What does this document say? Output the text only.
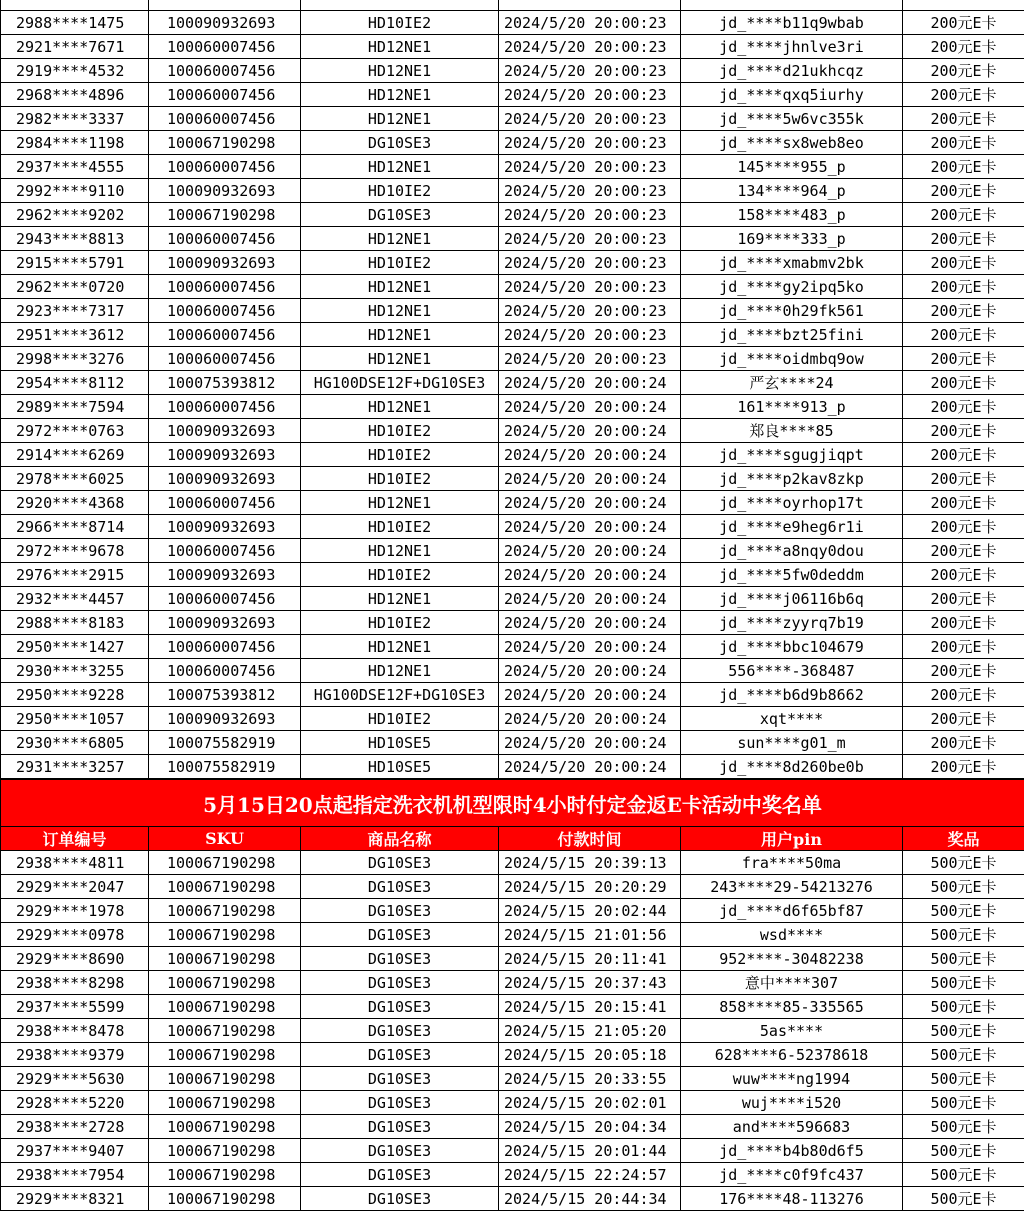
2988****1475	100090932693	HD10IE2	2024/5/20 20:00:23	jd_****b11q9wbab	200元E卡
2921****7671	100060007456	HD12NE1	2024/5/20 20:00:23	jd_****jhnlve3ri	200元E卡
2919****4532	100060007456	HD12NE1	2024/5/20 20:00:23	jd_****d21ukhcqz	200元E卡
2968****4896	100060007456	HD12NE1	2024/5/20 20:00:23	jd_****qxq5iurhy	200元E卡
2982****3337	100060007456	HD12NE1	2024/5/20 20:00:23	jd_****5w6vc355k	200元E卡
2984****1198	100067190298	DG10SE3	2024/5/20 20:00:23	jd_****sx8web8eo	200元E卡
2937****4555	100060007456	HD12NE1	2024/5/20 20:00:23	145****955_p	200元E卡
2992****9110	100090932693	HD10IE2	2024/5/20 20:00:23	134****964_p	200元E卡
2962****9202	100067190298	DG10SE3	2024/5/20 20:00:23	158****483_p	200元E卡
2943****8813	100060007456	HD12NE1	2024/5/20 20:00:23	169****333_p	200元E卡
2915****5791	100090932693	HD10IE2	2024/5/20 20:00:23	jd_****xmabmv2bk	200元E卡
2962****0720	100060007456	HD12NE1	2024/5/20 20:00:23	jd_****gy2ipq5ko	200元E卡
2923****7317	100060007456	HD12NE1	2024/5/20 20:00:23	jd_****0h29fk561	200元E卡
2951****3612	100060007456	HD12NE1	2024/5/20 20:00:23	jd_****bzt25fini	200元E卡
2998****3276	100060007456	HD12NE1	2024/5/20 20:00:23	jd_****oidmbq9ow	200元E卡
2954****8112	100075393812	HG100DSE12F+DG10SE3	2024/5/20 20:00:24	严玄****24	200元E卡
2989****7594	100060007456	HD12NE1	2024/5/20 20:00:24	161****913_p	200元E卡
2972****0763	100090932693	HD10IE2	2024/5/20 20:00:24	郑良****85	200元E卡
2914****6269	100090932693	HD10IE2	2024/5/20 20:00:24	jd_****sgugjiqpt	200元E卡
2978****6025	100090932693	HD10IE2	2024/5/20 20:00:24	jd_****p2kav8zkp	200元E卡
2920****4368	100060007456	HD12NE1	2024/5/20 20:00:24	jd_****oyrhop17t	200元E卡
2966****8714	100090932693	HD10IE2	2024/5/20 20:00:24	jd_****e9heg6r1i	200元E卡
2972****9678	100060007456	HD12NE1	2024/5/20 20:00:24	jd_****a8nqy0dou	200元E卡
2976****2915	100090932693	HD10IE2	2024/5/20 20:00:24	jd_****5fw0deddm	200元E卡
2932****4457	100060007456	HD12NE1	2024/5/20 20:00:24	jd_****j06116b6q	200元E卡
2988****8183	100090932693	HD10IE2	2024/5/20 20:00:24	jd_****zyyrq7b19	200元E卡
2950****1427	100060007456	HD12NE1	2024/5/20 20:00:24	jd_****bbc104679	200元E卡
2930****3255	100060007456	HD12NE1	2024/5/20 20:00:24	556****-368487	200元E卡
2950****9228	100075393812	HG100DSE12F+DG10SE3	2024/5/20 20:00:24	jd_****b6d9b8662	200元E卡
2950****1057	100090932693	HD10IE2	2024/5/20 20:00:24	xqt****	200元E卡
2930****6805	100075582919	HD10SE5	2024/5/20 20:00:24	sun****g01_m	200元E卡
2931****3257	100075582919	HD10SE5	2024/5/20 20:00:24	jd_****8d260be0b	200元E卡
5月15日20点起指定洗衣机机型限时4小时付定金返E卡活动中奖名单					
订单编号	SKU	商品名称	付款时间	用户pin	奖品
2938****4811	100067190298	DG10SE3	2024/5/15 20:39:13	fra****50ma	500元E卡
2929****2047	100067190298	DG10SE3	2024/5/15 20:20:29	243****29-54213276	500元E卡
2929****1978	100067190298	DG10SE3	2024/5/15 20:02:44	jd_****d6f65bf87	500元E卡
2929****0978	100067190298	DG10SE3	2024/5/15 21:01:56	wsd****	500元E卡
2929****8690	100067190298	DG10SE3	2024/5/15 20:11:41	952****-30482238	500元E卡
2938****8298	100067190298	DG10SE3	2024/5/15 20:37:43	意中****307	500元E卡
2937****5599	100067190298	DG10SE3	2024/5/15 20:15:41	858****85-335565	500元E卡
2938****8478	100067190298	DG10SE3	2024/5/15 21:05:20	5as****	500元E卡
2938****9379	100067190298	DG10SE3	2024/5/15 20:05:18	628****6-52378618	500元E卡
2929****5630	100067190298	DG10SE3	2024/5/15 20:33:55	wuw****ng1994	500元E卡
2928****5220	100067190298	DG10SE3	2024/5/15 20:02:01	wuj****i520	500元E卡
2938****2728	100067190298	DG10SE3	2024/5/15 20:04:34	and****596683	500元E卡
2937****9407	100067190298	DG10SE3	2024/5/15 20:01:44	jd_****b4b80d6f5	500元E卡
2938****7954	100067190298	DG10SE3	2024/5/15 22:24:57	jd_****c0f9fc437	500元E卡
2929****8321	100067190298	DG10SE3	2024/5/15 20:44:34	176****48-113276	500元E卡
